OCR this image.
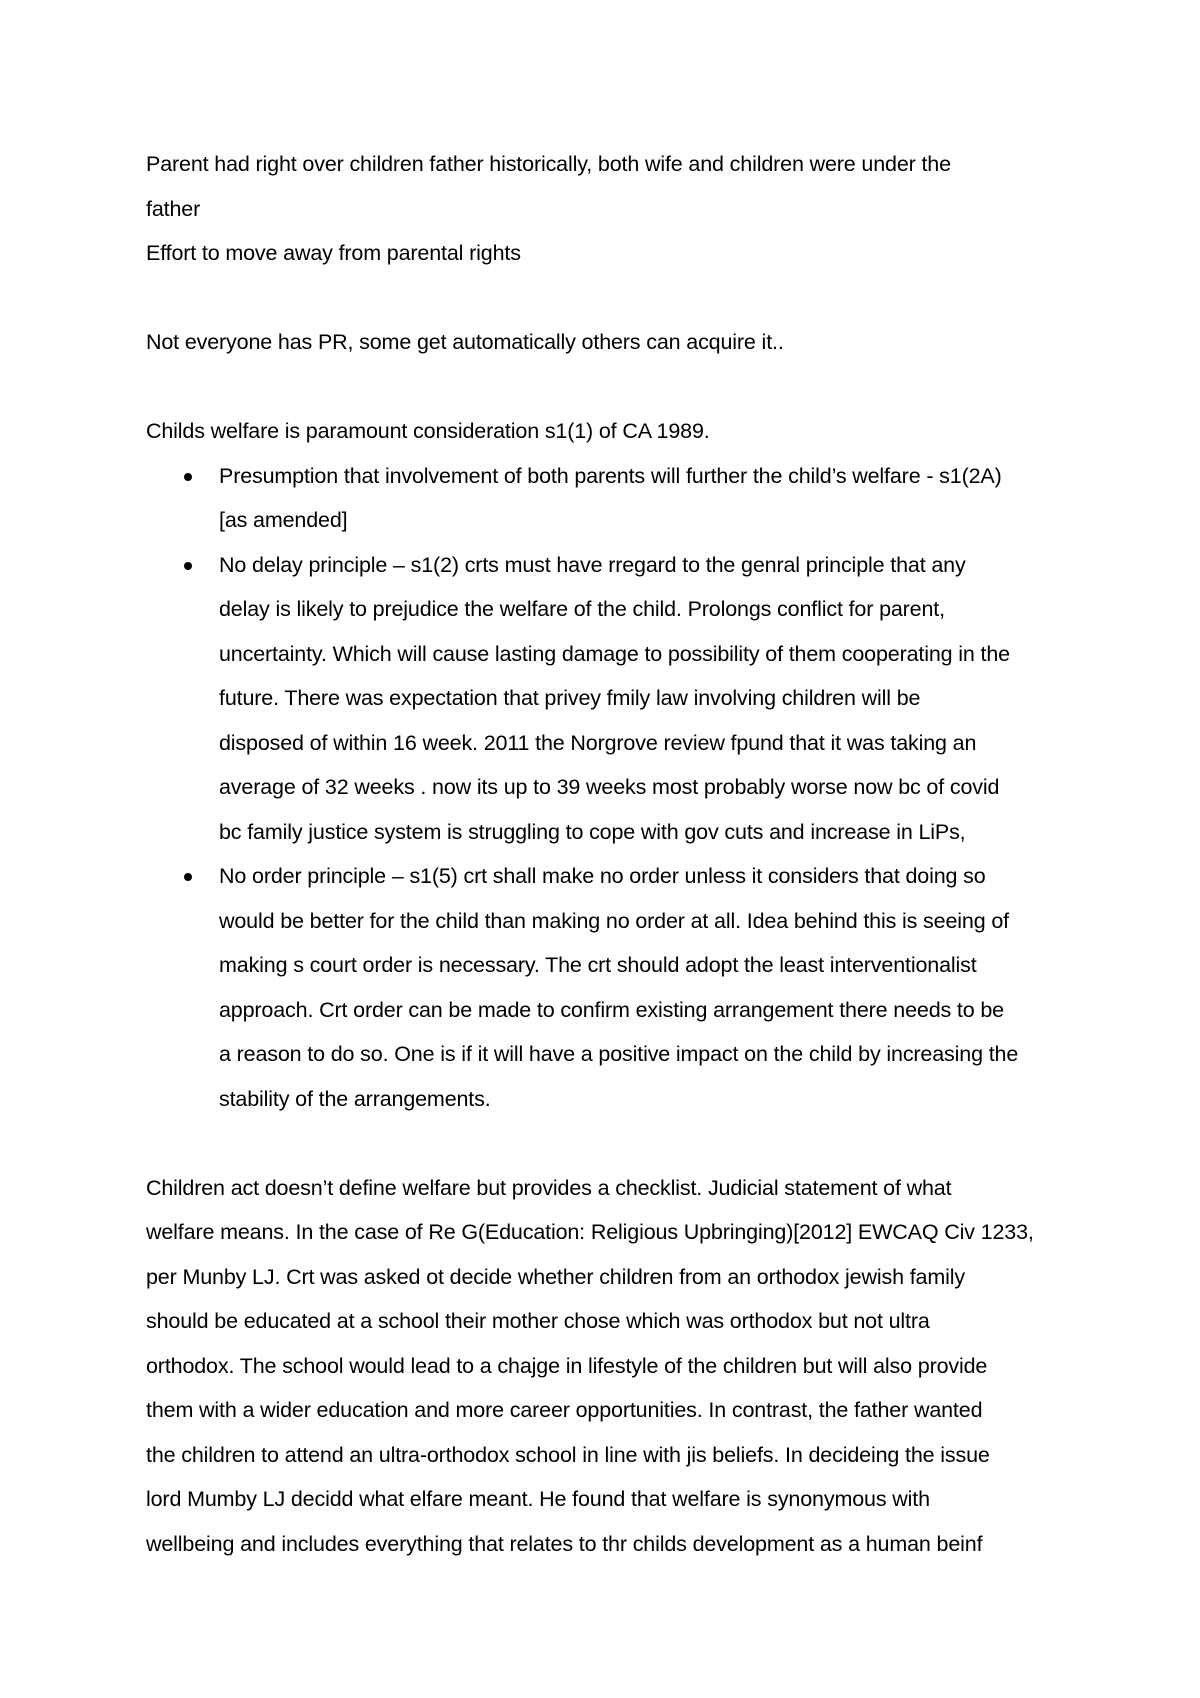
Parent had right over children father historically, both wife and children were under the
father
Effort to move away from parental rights
Not everyone has PR, some get automatically others can acquire it..
Childs welfare is paramount consideration s1(1) of CA 1989.
Presumption that involvement of both parents will further the child’s welfare - s1(2A)
[as amended]
No delay principle – s1(2) crts must have rregard to the genral principle that any
delay is likely to prejudice the welfare of the child. Prolongs conflict for parent,
uncertainty. Which will cause lasting damage to possibility of them cooperating in the
future. There was expectation that privey fmily law involving children will be
disposed of within 16 week. 2011 the Norgrove review fpund that it was taking an
average of 32 weeks . now its up to 39 weeks most probably worse now bc of covid
bc family justice system is struggling to cope with gov cuts and increase in LiPs,
No order principle – s1(5) crt shall make no order unless it considers that doing so
would be better for the child than making no order at all. Idea behind this is seeing of
making s court order is necessary. The crt should adopt the least interventionalist
approach. Crt order can be made to confirm existing arrangement there needs to be
a reason to do so. One is if it will have a positive impact on the child by increasing the
stability of the arrangements.
Children act doesn’t define welfare but provides a checklist. Judicial statement of what
welfare means. In the case of Re G(Education: Religious Upbringing)[2012] EWCAQ Civ 1233,
per Munby LJ. Crt was asked ot decide whether children from an orthodox jewish family
should be educated at a school their mother chose which was orthodox but not ultra
orthodox. The school would lead to a chajge in lifestyle of the children but will also provide
them with a wider education and more career opportunities. In contrast, the father wanted
the children to attend an ultra-orthodox school in line with jis beliefs. In decideing the issue
lord Mumby LJ decidd what elfare meant. He found that welfare is synonymous with
wellbeing and includes everything that relates to thr childs development as a human beinf
